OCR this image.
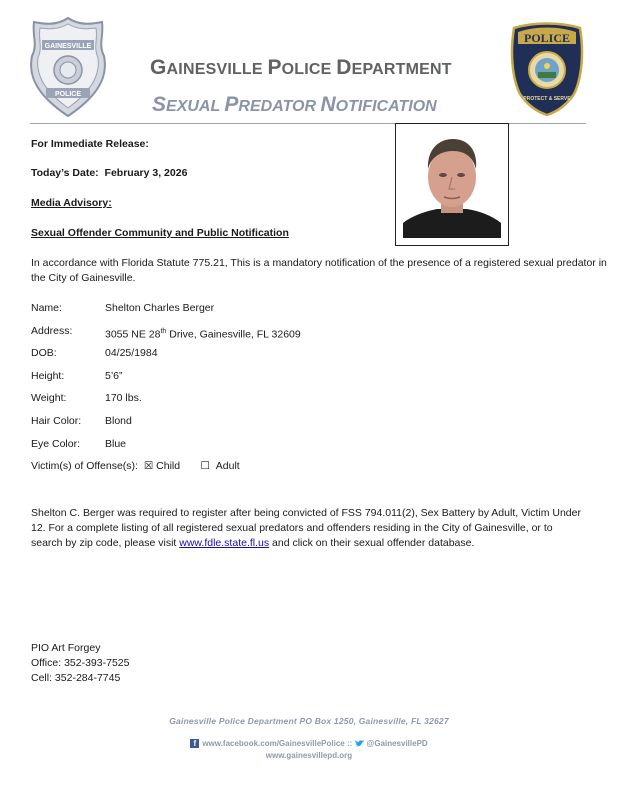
GAINESVILLE
POLICE
GAINESVILLE POLICE DEPARTMENT
SEXUAL PREDATOR NOTIFICATION
POLICE
PROTECT & SERVE
For Immediate Release:
Today’s Date: February 3, 2026
Media Advisory:
Sexual Offender Community and Public Notification
In accordance with Florida Statute 775.21, This is a mandatory notification of the presence of a registered sexual predator in the City of Gainesville.
Name:	Shelton Charles Berger
Address:	3055 NE 28th Drive, Gainesville, FL 32609
DOB:	04/25/1984
Height:	5’6”
Weight:	170 lbs.
Hair Color: Blond
Eye Color: Blue
Victim(s) of Offense(s): ☒ Child ☐ Adult
Shelton C. Berger was required to register after being convicted of FSS 794.011(2), Sex Battery by Adult, Victim Under
12. For a complete listing of all registered sexual predators and offenders residing in the City of Gainesville, or to
search by zip code, please visit www.fdle.state.fl.us and click on their sexual offender database.
PIO Art Forgey
Office: 352-393-7525
Cell: 352-284-7745
Gainesville Police Department PO Box 1250, Gainesville, FL 32627
f www.facebook.com/GainesvillePolice :: @GainesvillePD
www.gainesvillepd.org
